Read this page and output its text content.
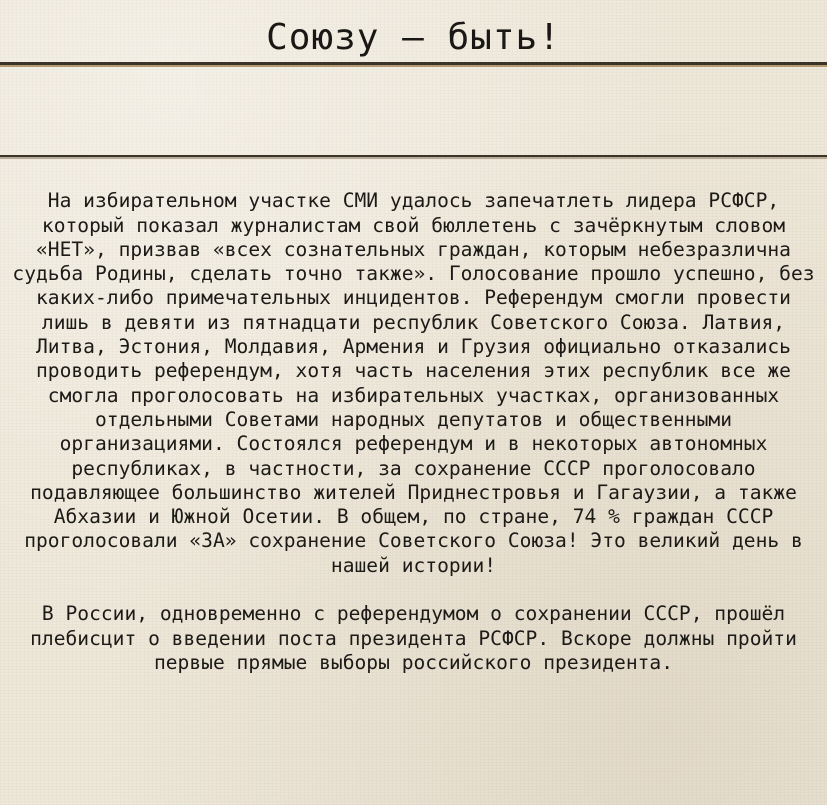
Союзу — быть!

На избирательном участке СМИ удалось запечатлеть лидера РСФСР, который показал журналистам свой бюллетень с зачёркнутым словом «НЕТ», призвав «всех сознательных граждан, которым небезразлична судьба Родины, сделать точно также». Голосование прошло успешно, без каких-либо примечательных инцидентов. Референдум смогли провести лишь в девяти из пятнадцати республик Советского Союза. Латвия, Литва, Эстония, Молдавия, Армения и Грузия официально отказались проводить референдум, хотя часть населения этих республик все же смогла проголосовать на избирательных участках, организованных отдельными Советами народных депутатов и общественными организациями. Состоялся референдум и в некоторых автономных республиках, в частности, за сохранение СССР проголосовало подавляющее большинство жителей Приднестровья и Гагаузии, а также Абхазии и Южной Осетии. В общем, по стране, 74 % граждан СССР проголосовали «ЗА» сохранение Советского Союза! Это великий день в нашей истории!

В России, одновременно с референдумом о сохранении СССР, прошёл плебисцит о введении поста президента РСФСР. Вскоре должны пройти первые прямые выборы российского президента.
